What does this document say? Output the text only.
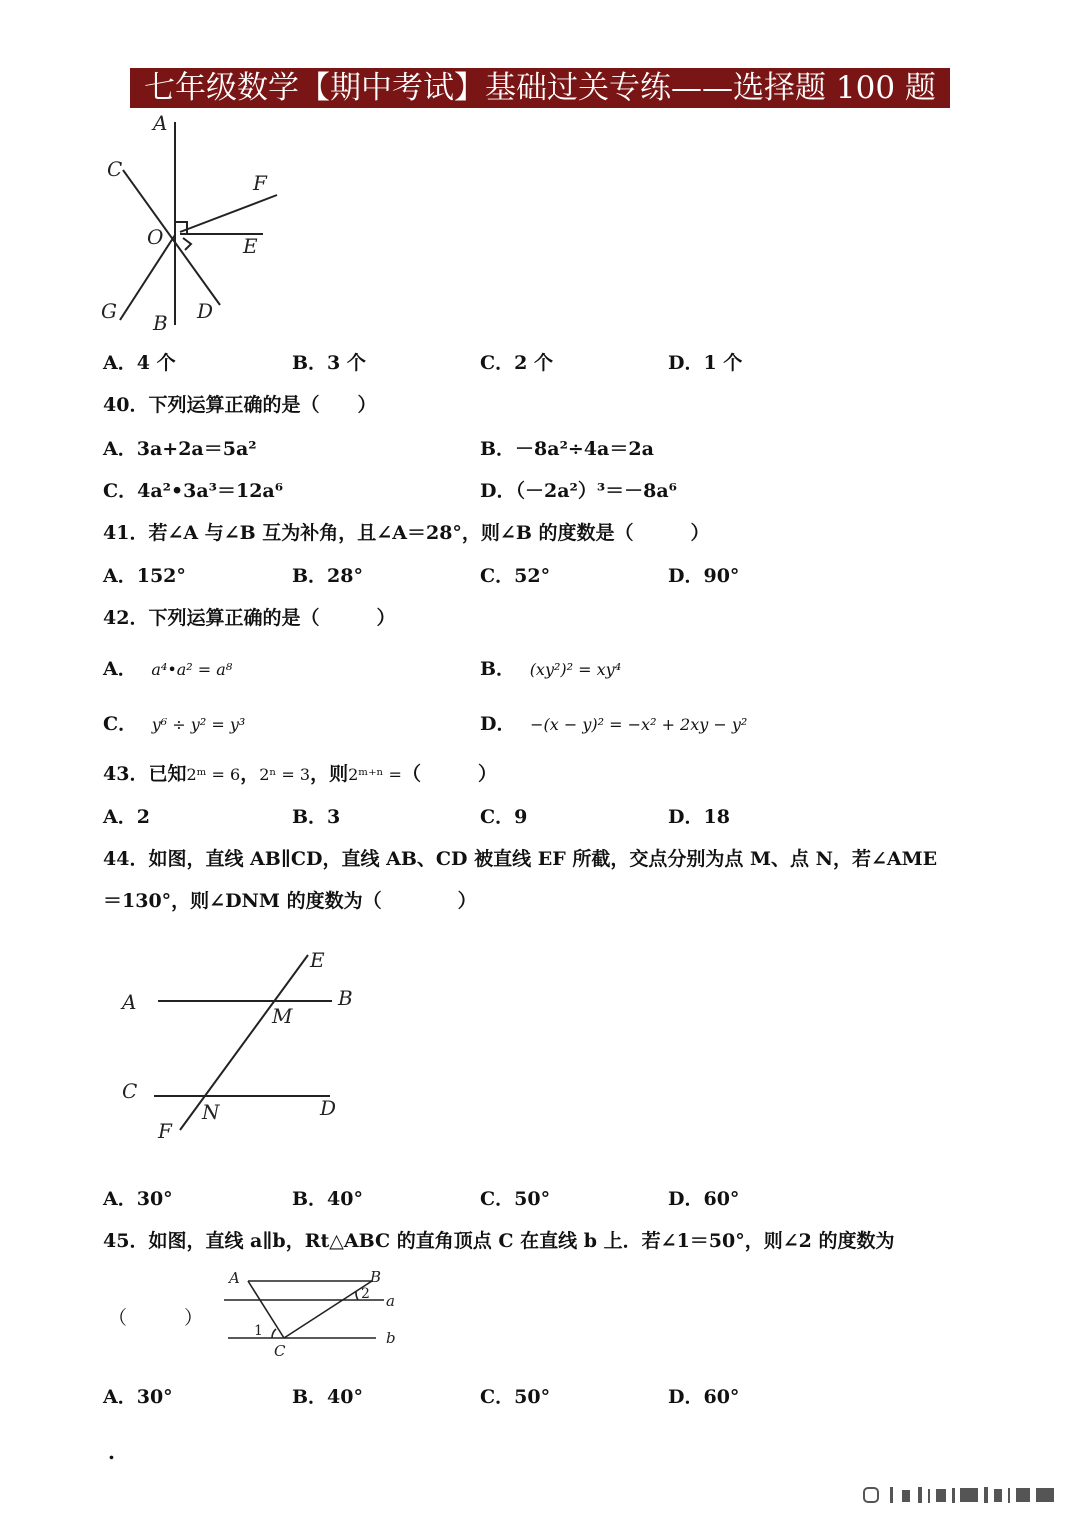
七年级数学【期中考试】基础过关专练——选择题 100 题
A
C
F
O	E
G B D
A．4 个	B．3 个	C．2 个	D．1 个
40．下列运算正确的是（　　）
A．3a+2a＝5a²	B．－8a²÷4a＝2a
C．4a²•3a³＝12a⁶	D．（－2a²）³＝－8a⁶
41．若∠A 与∠B 互为补角，且∠A＝28°，则∠B 的度数是（　　　）
A．152°	B．28°	C．52°	D．90°
42．下列运算正确的是（　　　）
A． a⁴•a² = a⁸	B． (xy²)² = xy⁴
C． y⁶ ÷ y² = y³	D． −(x − y)² = −x² + 2xy − y²
43．已知2ᵐ = 6，2ⁿ = 3，则2ᵐ⁺ⁿ =（　　　）
A．2	B．3	C．9	D．18
44．如图，直线 AB∥CD，直线 AB、CD 被直线 EF 所截，交点分别为点 M、点 N，若∠AME
＝130°，则∠DNM 的度数为（　　　　）
E
A	B
M
C
N	D
F
A．30°	B．40°	C．50°	D．60°
45．如图，直线 a∥b，Rt△ABC 的直角顶点 C 在直线 b 上．若∠1＝50°，则∠2 的度数为
（　　　）
A	B
2 a
1	b
C
A．30°	B．40°	C．50°	D．60°
.
